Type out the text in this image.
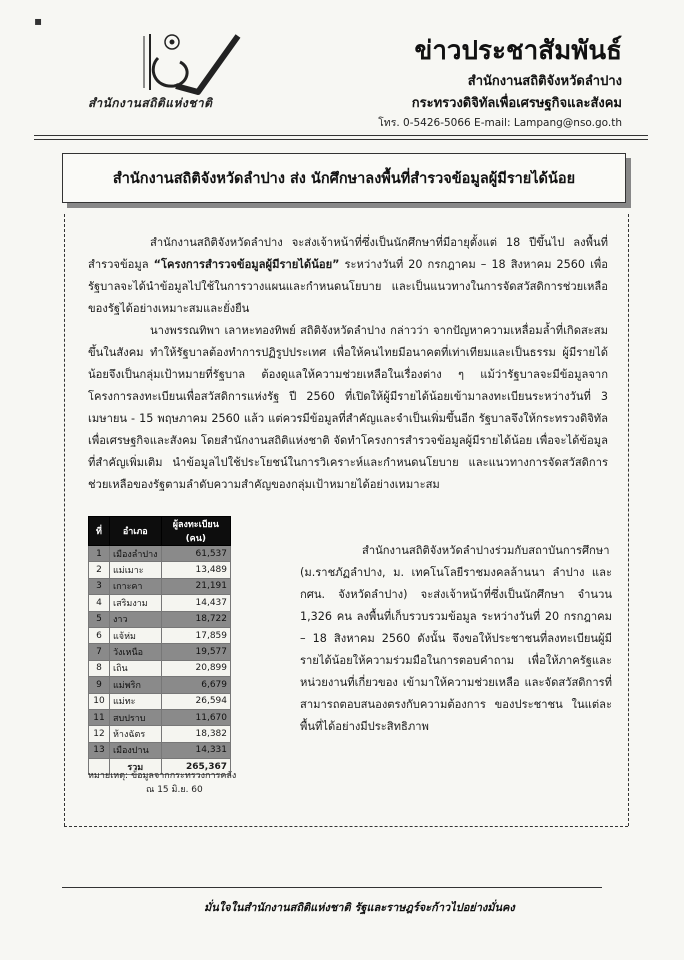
▪
สำนักงานสถิติแห่งชาติ
ข่าวประชาสัมพันธ์
สำนักงานสถิติจังหวัดลำปาง
กระทรวงดิจิทัลเพื่อเศรษฐกิจและสังคม
โทร. 0-5426-5066 E-mail: Lampang@nso.go.th
สำนักงานสถิติจังหวัดลำปาง ส่ง นักศึกษาลงพื้นที่สำรวจข้อมูลผู้มีรายได้น้อย
สำนักงานสถิติจังหวัดลำปาง จะส่งเจ้าหน้าที่ซึ่งเป็นนักศึกษาที่มีอายุตั้งแต่ 18 ปีขึ้นไป ลงพื้นที่สำรวจข้อมูล “โครงการสำรวจข้อมูลผู้มีรายได้น้อย” ระหว่างวันที่ 20 กรกฎาคม – 18 สิงหาคม 2560 เพื่อรัฐบาลจะได้นำข้อมูลไปใช้ในการวางแผนและกำหนดนโยบาย และเป็นแนวทางในการจัดสวัสดิการช่วยเหลือของรัฐได้อย่างเหมาะสมและยั่งยืน
นางพรรณทิพา เลาหะทองทิพย์ สถิติจังหวัดลำปาง กล่าวว่า จากปัญหาความเหลื่อมล้ำที่เกิดสะสมขึ้นในสังคม ทำให้รัฐบาลต้องทำการปฏิรูปประเทศ เพื่อให้คนไทยมีอนาคตที่เท่าเทียมและเป็นธรรม ผู้มีรายได้น้อยจึงเป็นกลุ่มเป้าหมายที่รัฐบาล ต้องดูแลให้ความช่วยเหลือในเรื่องต่าง ๆ แม้ว่ารัฐบาลจะมีข้อมูลจากโครงการลงทะเบียนเพื่อสวัสดิการแห่งรัฐ ปี 2560 ที่เปิดให้ผู้มีรายได้น้อยเข้ามาลงทะเบียนระหว่างวันที่ 3 เมษายน - 15 พฤษภาคม 2560 แล้ว แต่ควรมีข้อมูลที่สำคัญและจำเป็นเพิ่มขึ้นอีก รัฐบาลจึงให้กระทรวงดิจิทัลเพื่อเศรษฐกิจและสังคม โดยสำนักงานสถิติแห่งชาติ จัดทำโครงการสำรวจข้อมูลผู้มีรายได้น้อย เพื่อจะได้ข้อมูลที่สำคัญเพิ่มเติม นำข้อมูลไปใช้ประโยชน์ในการวิเคราะห์และกำหนดนโยบาย และแนวทางการจัดสวัสดิการช่วยเหลือของรัฐตามลำดับความสำคัญของกลุ่มเป้าหมายได้อย่างเหมาะสม
ที่	อำเภอ	ผู้ลงทะเบียน (คน)
1	เมืองลำปาง	61,537
2	แม่เมาะ	13,489
3	เกาะคา	21,191
4	เสริมงาม	14,437
5	งาว	18,722
6	แจ้ห่ม	17,859
7	วังเหนือ	19,577
8	เถิน	20,899
9	แม่พริก	6,679
10	แม่ทะ	26,594
11	สบปราบ	11,670
12	ห้างฉัตร	18,382
13	เมืองปาน	14,331
	รวม	265,367
หมายเหตุ: ข้อมูลจากกระทรวงการคลัง
ณ 15 มิ.ย. 60
สำนักงานสถิติจังหวัดลำปางร่วมกับสถาบันการศึกษา (ม.ราชภัฏลำปาง, ม. เทคโนโลยีราชมงคลล้านนา ลำปาง และ กศน. จังหวัดลำปาง) จะส่งเจ้าหน้าที่ซึ่งเป็นนักศึกษา จำนวน 1,326 คน ลงพื้นที่เก็บรวบรวมข้อมูล ระหว่างวันที่ 20 กรกฎาคม – 18 สิงหาคม 2560 ดังนั้น จึงขอให้ประชาชนที่ลงทะเบียนผู้มีรายได้น้อยให้ความร่วมมือในการตอบคำถาม เพื่อให้ภาครัฐและหน่วยงานที่เกี่ยวของ เข้ามาให้ความช่วยเหลือ และจัดสวัสดิการที่สามารถตอบสนองตรงกับความต้องการ ของประชาชน ในแต่ละพื้นที่ได้อย่างมีประสิทธิภาพ
มั่นใจในสำนักงานสถิติแห่งชาติ รัฐและราษฎร์จะก้าวไปอย่างมั่นคง
